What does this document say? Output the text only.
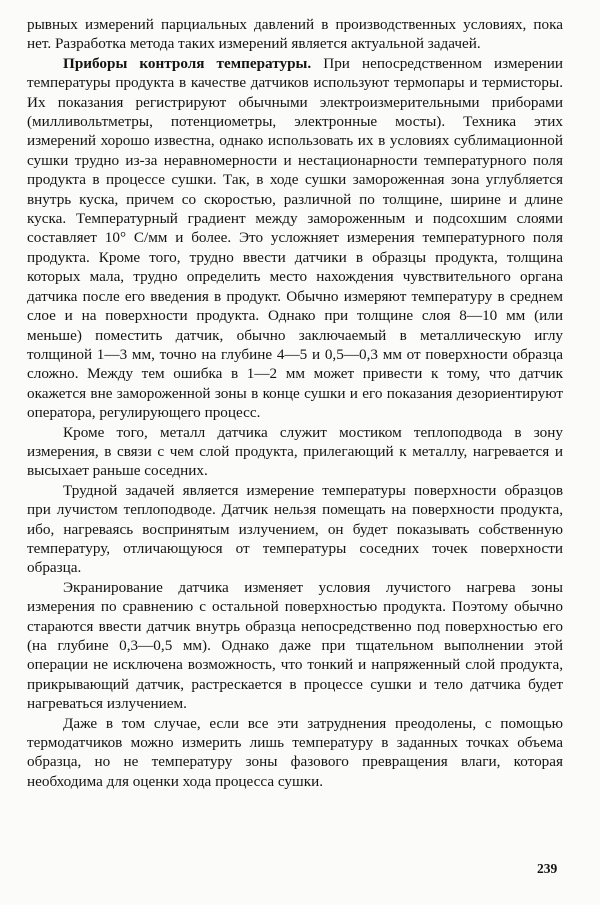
рывных измерений парциальных давлений в производственных условиях, пока нет. Разработка метода таких измерений является актуальной задачей.

Приборы контроля температуры. При непосредственном измерении температуры продукта в качестве датчиков используют термопары и термисторы. Их показания регистрируют обычными электроизмерительными приборами (милливольтметры, потенциометры, электронные мосты). Техника этих измерений хорошо известна, однако использовать их в условиях сублимационной сушки трудно из-за неравномерности и нестационарности температурного поля продукта в процессе сушки. Так, в ходе сушки замороженная зона углубляется внутрь куска, причем со скоростью, различной по толщине, ширине и длине куска. Температурный градиент между замороженным и подсохшим слоями составляет 10° С/мм и более. Это усложняет измерения температурного поля продукта. Кроме того, трудно ввести датчики в образцы продукта, толщина которых мала, трудно определить место нахождения чувствительного органа датчика после его введения в продукт. Обычно измеряют температуру в среднем слое и на поверхности продукта. Однако при толщине слоя 8—10 мм (или меньше) поместить датчик, обычно заключаемый в металлическую иглу толщиной 1—3 мм, точно на глубине 4—5 и 0,5—0,3 мм от поверхности образца сложно. Между тем ошибка в 1—2 мм может привести к тому, что датчик окажется вне замороженной зоны в конце сушки и его показания дезориентируют оператора, регулирующего процесс.

Кроме того, металл датчика служит мостиком теплоподвода в зону измерения, в связи с чем слой продукта, прилегающий к металлу, нагревается и высыхает раньше соседних.

Трудной задачей является измерение температуры поверхности образцов при лучистом теплоподводе. Датчик нельзя помещать на поверхности продукта, ибо, нагреваясь воспринятым излучением, он будет показывать собственную температуру, отличающуюся от температуры соседних точек поверхности образца.

Экранирование датчика изменяет условия лучистого нагрева зоны измерения по сравнению с остальной поверхностью продукта. Поэтому обычно стараются ввести датчик внутрь образца непосредственно под поверхностью его (на глубине 0,3—0,5 мм). Однако даже при тщательном выполнении этой операции не исключена возможность, что тонкий и напряженный слой продукта, прикрывающий датчик, растрескается в процессе сушки и тело датчика будет нагреваться излучением.

Даже в том случае, если все эти затруднения преодолены, с помощью термодатчиков можно измерить лишь температуру в заданных точках объема образца, но не температуру зоны фазового превращения влаги, которая необходима для оценки хода процесса сушки.

239
